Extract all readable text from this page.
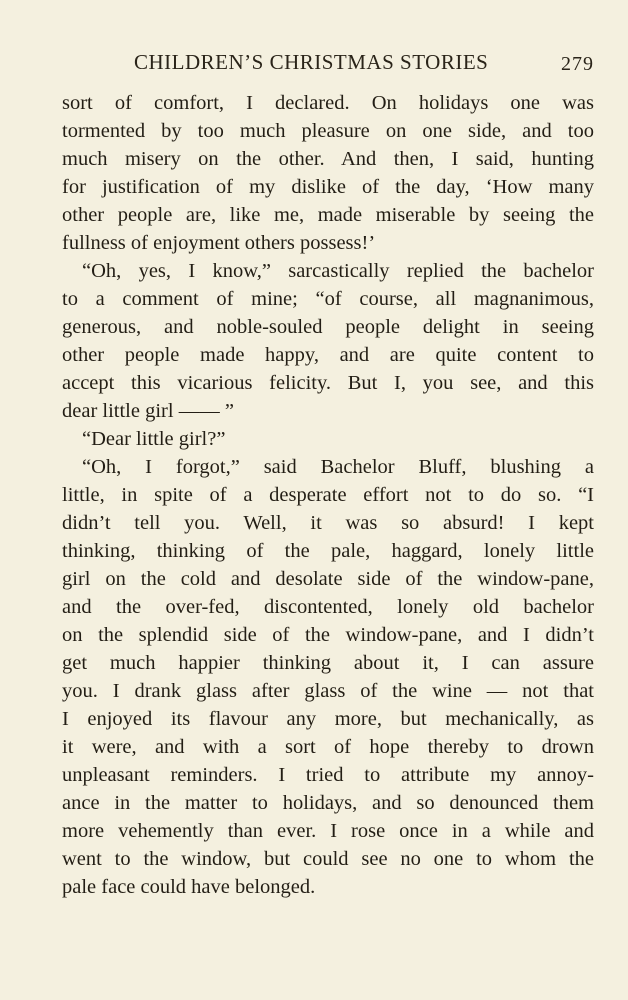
CHILDREN’S CHRISTMAS STORIES	279
sort of comfort, I declared. On holidays one was
tormented by too much pleasure on one side, and too
much misery on the other. And then, I said, hunting
for justification of my dislike of the day, ‘How many
other people are, like me, made miserable by seeing the
fullness of enjoyment others possess!’
“Oh, yes, I know,” sarcastically replied the bachelor
to a comment of mine; “of course, all magnanimous,
generous, and noble-souled people delight in seeing
other people made happy, and are quite content to
accept this vicarious felicity. But I, you see, and this
dear little girl —— ”
“Dear little girl?”
“Oh, I forgot,” said Bachelor Bluff, blushing a
little, in spite of a desperate effort not to do so. “I
didn’t tell you. Well, it was so absurd! I kept
thinking, thinking of the pale, haggard, lonely little
girl on the cold and desolate side of the window-pane,
and the over-fed, discontented, lonely old bachelor
on the splendid side of the window-pane, and I didn’t
get much happier thinking about it, I can assure
you. I drank glass after glass of the wine — not that
I enjoyed its flavour any more, but mechanically, as
it were, and with a sort of hope thereby to drown
unpleasant reminders. I tried to attribute my annoy-
ance in the matter to holidays, and so denounced them
more vehemently than ever. I rose once in a while and
went to the window, but could see no one to whom the
pale face could have belonged.
